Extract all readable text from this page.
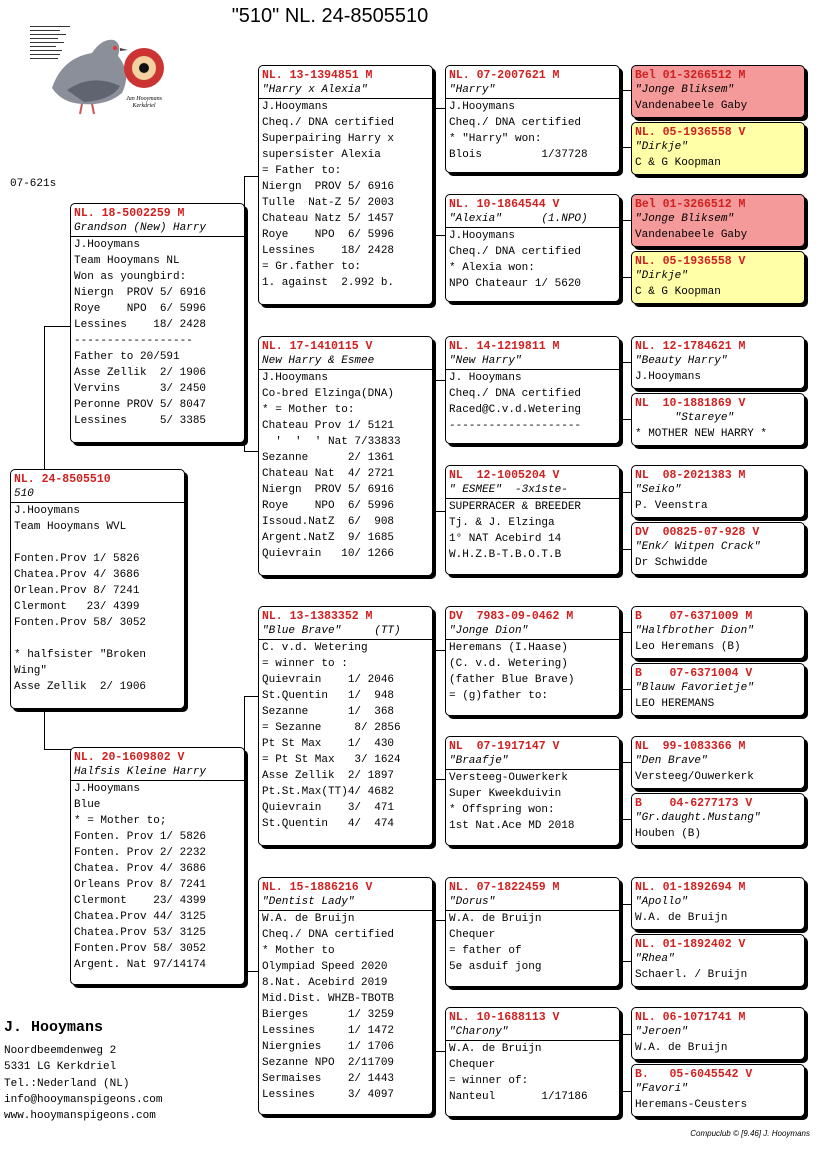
"510" NL. 24-8505510
Jan Hooymans Kerkdriel
07-621s
NL. 24-8505510
510
J.Hooymans
Team Hooymans WVL

Fonten.Prov 1/ 5826
Chatea.Prov 4/ 3686
Orlean.Prov 8/ 7241
Clermont   23/ 4399
Fonten.Prov 58/ 3052

* halfsister "Broken
Wing"
Asse Zellik  2/ 1906
NL. 18-5002259 M
Grandson (New) Harry
J.Hooymans
Team Hooymans NL
Won as youngbird:
Niergn  PROV 5/ 6916
Roye    NPO  6/ 5996
Lessines    18/ 2428
------------------
Father to 20/591
Asse Zellik  2/ 1906
Vervins      3/ 2450
Peronne PROV 5/ 8047
Lessines     5/ 3385
NL. 20-1609802 V
Halfsis Kleine Harry
J.Hooymans
Blue
* = Mother to;
Fonten. Prov 1/ 5826
Fonten. Prov 2/ 2232
Chatea. Prov 4/ 3686
Orleans Prov 8/ 7241
Clermont    23/ 4399
Chatea.Prov 44/ 3125
Chatea.Prov 53/ 3125
Fonten.Prov 58/ 3052
Argent. Nat 97/14174
NL. 13-1394851 M
"Harry x Alexia"
J.Hooymans
Cheq./ DNA certified
Superpairing Harry x
supersister Alexia
= Father to:
Niergn  PROV 5/ 6916
Tulle  Nat-Z 5/ 2003
Chateau Natz 5/ 1457
Roye    NPO  6/ 5996
Lessines    18/ 2428
= Gr.father to:
1. against  2.992 b.
NL. 17-1410115 V
New Harry & Esmee
J.Hooymans
Co-bred Elzinga(DNA)
* = Mother to:
Chateau Prov 1/ 5121
'  '  ' Nat 7/33833
Sezanne      2/ 1361
Chateau Nat  4/ 2721
Niergn  PROV 5/ 6916
Roye    NPO  6/ 5996
Issoud.NatZ  6/  908
Argent.NatZ  9/ 1685
Quievrain   10/ 1266
NL. 13-1383352 M
"Blue Brave"     (TT)
C. v.d. Wetering
= winner to :
Quievrain    1/ 2046
St.Quentin   1/  948
Sezanne      1/  368
= Sezanne     8/ 2856
Pt St Max    1/  430
= Pt St Max   3/ 1624
Asse Zellik  2/ 1897
Pt.St.Max(TT)4/ 4682
Quievrain    3/  471
St.Quentin   4/  474
NL. 15-1886216 V
"Dentist Lady"
W.A. de Bruijn
Cheq./ DNA certified
* Mother to
Olympiad Speed 2020
8.Nat. Acebird 2019
Mid.Dist. WHZB-TBOTB
Bierges      1/ 3259
Lessines     1/ 1472
Niergnies    1/ 1706
Sezanne NPO  2/11709
Sermaises    2/ 1443
Lessines     3/ 4097
NL. 07-2007621 M
"Harry"
J.Hooymans
Cheq./ DNA certified
* "Harry" won:
Blois         1/37728
NL. 10-1864544 V
"Alexia"      (1.NPO)
J.Hooymans
Cheq./ DNA certified
* Alexia won:
NPO Chateaur 1/ 5620
NL. 14-1219811 M
"New Harry"
J. Hooymans
Cheq./ DNA certified
Raced@C.v.d.Wetering
--------------------
NL  12-1005204 V
" ESMEE"  -3x1ste-
SUPERRACER & BREEDER
Tj. & J. Elzinga
1° NAT Acebird 14
W.H.Z.B-T.B.O.T.B
DV  7983-09-0462 M
"Jonge Dion"
Heremans (I.Haase)
(C. v.d. Wetering)
(father Blue Brave)
= (g)father to:
NL  07-1917147 V
"Braafje"
Versteeg-Ouwerkerk
Super Kweekduivin
* Offspring won:
1st Nat.Ace MD 2018
NL. 07-1822459 M
"Dorus"
W.A. de Bruijn
Chequer
= father of
5e asduif jong
NL. 10-1688113 V
"Charony"
W.A. de Bruijn
Chequer
= winner of:
Nanteul       1/17186
Bel 01-3266512 M
"Jonge Bliksem"
Vandenabeele Gaby
NL. 05-1936558 V
"Dirkje"
C & G Koopman
Bel 01-3266512 M
"Jonge Bliksem"
Vandenabeele Gaby
NL. 05-1936558 V
"Dirkje"
C & G Koopman
NL. 12-1784621 M
"Beauty Harry"
J.Hooymans
NL  10-1881869 V
"Stareye"
* MOTHER NEW HARRY *
NL  08-2021383 M
"Seiko"
P. Veenstra
DV  00825-07-928 V
"Enk/ Witpen Crack"
Dr Schwidde
B    07-6371009 M
"Halfbrother Dion"
Leo Heremans (B)
B    07-6371004 V
"Blauw Favorietje"
LEO HEREMANS
NL  99-1083366 M
"Den Brave"
Versteeg/Ouwerkerk
B    04-6277173 V
"Gr.daught.Mustang"
Houben (B)
NL. 01-1892694 M
"Apollo"
W.A. de Bruijn
NL. 01-1892402 V
"Rhea"
Schaerl. / Bruijn
NL. 06-1071741 M
"Jeroen"
W.A. de Bruijn
B.   05-6045542 V
"Favori"
Heremans-Ceusters
J. Hooymans
Noordbeemdenweg 2
5331 LG Kerkdriel
Tel.:Nederland (NL)
info@hooymanspigeons.com
www.hooymanspigeons.com
Compuclub © [9.46] J. Hooymans
